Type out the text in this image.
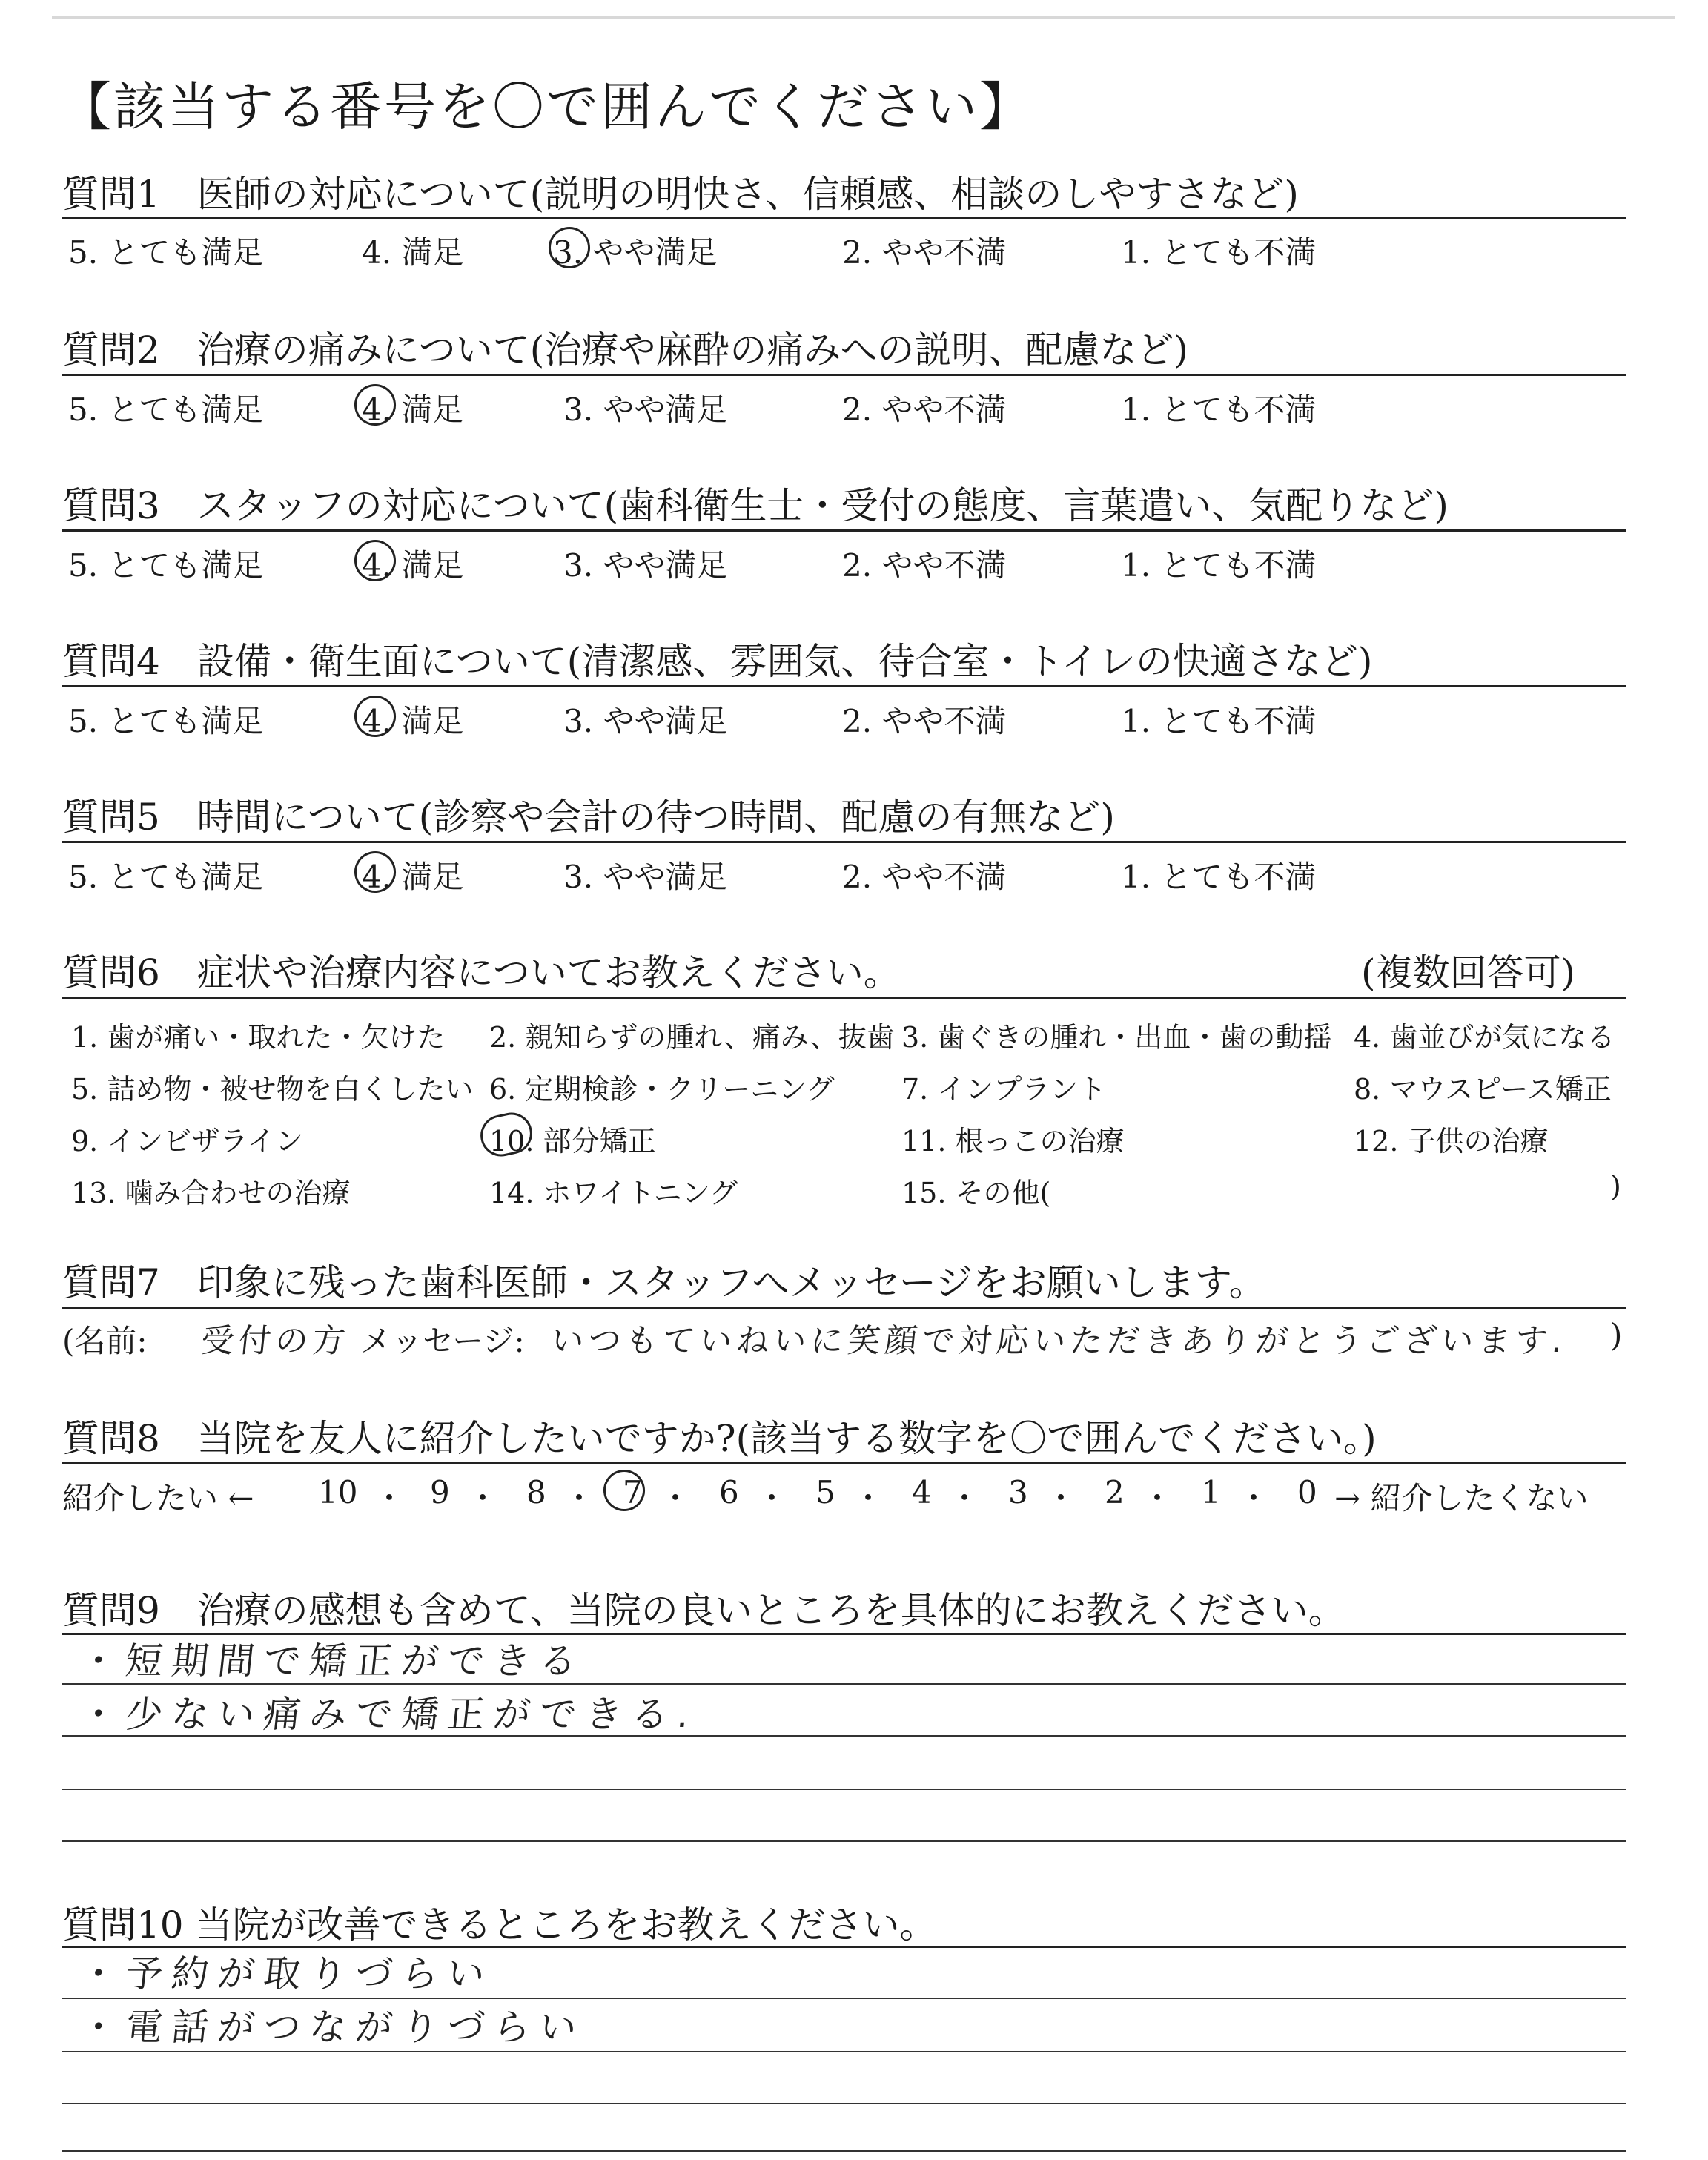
【該当する番号を〇で囲んでください】
質問1　医師の対応について(説明の明快さ、信頼感、相談のしやすさなど)
5. とても満足	4. 満足	3. やや満足	2. やや不満	1. とても不満
質問2　治療の痛みについて(治療や麻酔の痛みへの説明、配慮など)
5. とても満足	4. 満足	3. やや満足	2. やや不満	1. とても不満
質問3　スタッフの対応について(歯科衛生士・受付の態度、言葉遣い、気配りなど)
5. とても満足	4. 満足	3. やや満足	2. やや不満	1. とても不満
質問4　設備・衛生面について(清潔感、雰囲気、待合室・トイレの快適さなど)
5. とても満足	4. 満足	3. やや満足	2. やや不満	1. とても不満
質問5　時間について(診察や会計の待つ時間、配慮の有無など)
5. とても満足	4. 満足	3. やや満足	2. やや不満	1. とても不満
質問6　症状や治療内容についてお教えください。	(複数回答可)
1. 歯が痛い・取れた・欠けた 2. 親知らずの腫れ、痛み、抜歯 3. 歯ぐきの腫れ・出血・歯の動揺 4. 歯並びが気になる
5. 詰め物・被せ物を白くしたい 6. 定期検診・クリーニング 7. インプラント	8. マウスピース矯正
9. インビザライン	10. 部分矯正	11. 根っこの治療	12. 子供の治療
13. 噛み合わせの治療	14. ホワイトニング	15. その他(	)
質問7　印象に残った歯科医師・スタッフへメッセージをお願いします。
(名前: 受付の方 メッセージ: いつもていねいに笑顔で対応いただきありがとうございます. )
質問8　当院を友人に紹介したいですか?(該当する数字を〇で囲んでください。)
紹介したい ← 10 ・ 9 ・ 8 ・ 7 ・ 6 ・ 5 ・ 4 ・ 3 ・ 2 ・ 1 ・ 0 → 紹介したくない
質問9　治療の感想も含めて、当院の良いところを具体的にお教えください。
・短期間で矯正ができる
・少ない痛みで矯正ができる.
質問10 当院が改善できるところをお教えください。
・予約が取りづらい
・電話がつながりづらい
